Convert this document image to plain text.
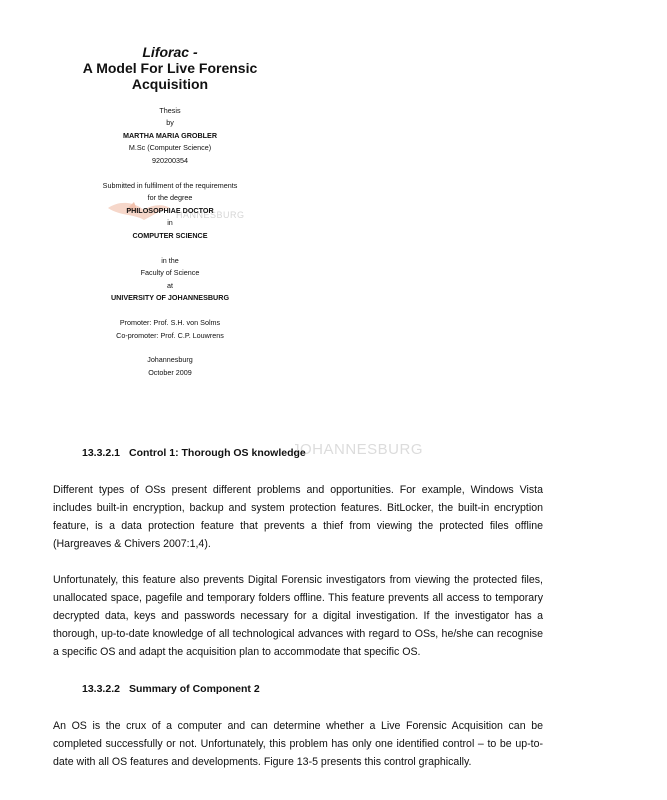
HANNESBURG
JOHANNESBURG

Liforac -
A Model For Live Forensic
Acquisition

Thesis

by

MARTHA MARIA GROBLER

M.Sc (Computer Science)

920200354

Submitted in fulfilment of the requirements

for the degree

PHILOSOPHIAE DOCTOR

in

COMPUTER SCIENCE

in the

Faculty of Science

at

UNIVERSITY OF JOHANNESBURG

Promoter: Prof. S.H. von Solms

Co-promoter: Prof. C.P. Louwrens

Johannesburg

October 2009

13.3.2.1 Control 1: Thorough OS knowledge

Different types of OSs present different problems and opportunities. For example, Windows Vista includes built-in encryption, backup and system protection features. BitLocker, the built-in encryption feature, is a data protection feature that prevents a thief from viewing the protected files offline (Hargreaves & Chivers 2007:1,4).

Unfortunately, this feature also prevents Digital Forensic investigators from viewing the protected files, unallocated space, pagefile and temporary folders offline. This feature prevents all access to temporary decrypted data, keys and passwords necessary for a digital investigation. If the investigator has a thorough, up-to-date knowledge of all technological advances with regard to OSs, he/she can recognise a specific OS and adapt the acquisition plan to accommodate that specific OS.

13.3.2.2 Summary of Component 2

An OS is the crux of a computer and can determine whether a Live Forensic Acquisition can be completed successfully or not. Unfortunately, this problem has only one identified control – to be up-to-date with all OS features and developments. Figure 13-5 presents this control graphically.
